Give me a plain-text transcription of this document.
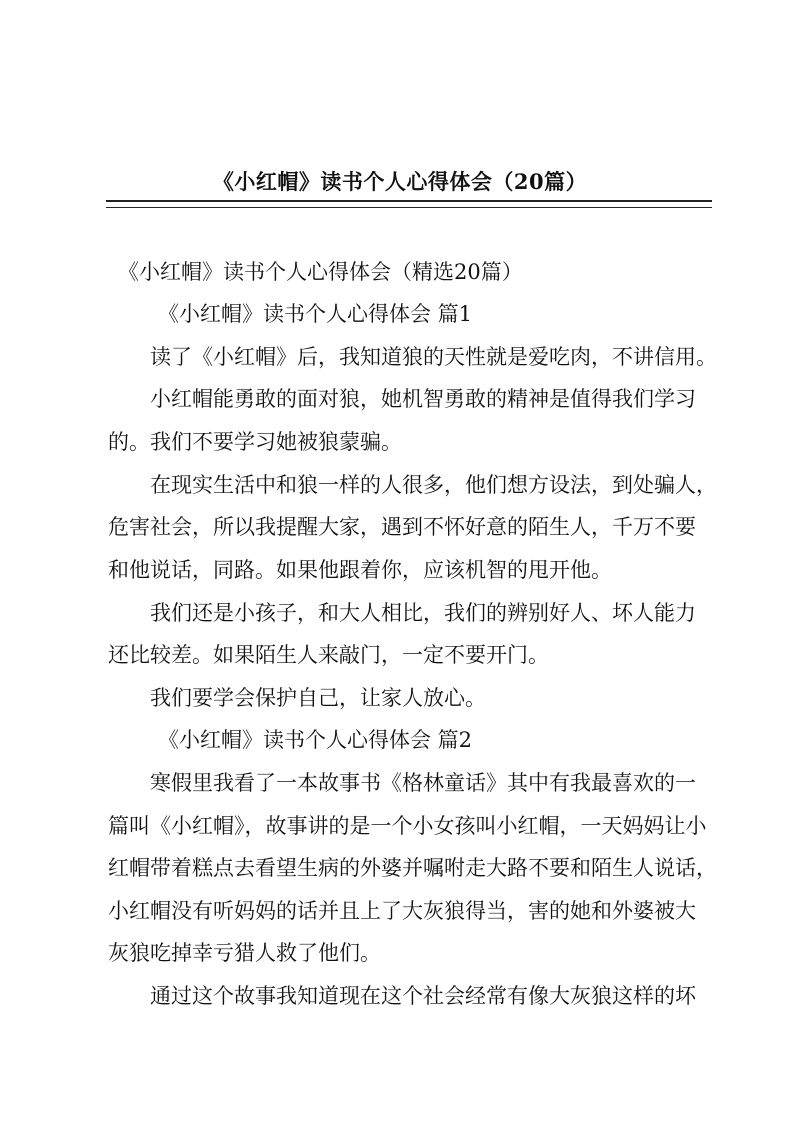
《小红帽》读书个人心得体会（20篇）
《小红帽》读书个人心得体会（精选20篇）
《小红帽》读书个人心得体会 篇1
读了《小红帽》后，我知道狼的天性就是爱吃肉，不讲信用。
小红帽能勇敢的面对狼，她机智勇敢的精神是值得我们学习
的。我们不要学习她被狼蒙骗。
在现实生活中和狼一样的人很多，他们想方设法，到处骗人，
危害社会，所以我提醒大家，遇到不怀好意的陌生人，千万不要
和他说话，同路。如果他跟着你，应该机智的甩开他。
我们还是小孩子，和大人相比，我们的辨别好人、坏人能力
还比较差。如果陌生人来敲门，一定不要开门。
我们要学会保护自己，让家人放心。
《小红帽》读书个人心得体会 篇2
寒假里我看了一本故事书《格林童话》其中有我最喜欢的一
篇叫《小红帽》，故事讲的是一个小女孩叫小红帽，一天妈妈让小
红帽带着糕点去看望生病的外婆并嘱咐走大路不要和陌生人说话，
小红帽没有听妈妈的话并且上了大灰狼得当，害的她和外婆被大
灰狼吃掉幸亏猎人救了他们。
通过这个故事我知道现在这个社会经常有像大灰狼这样的坏
